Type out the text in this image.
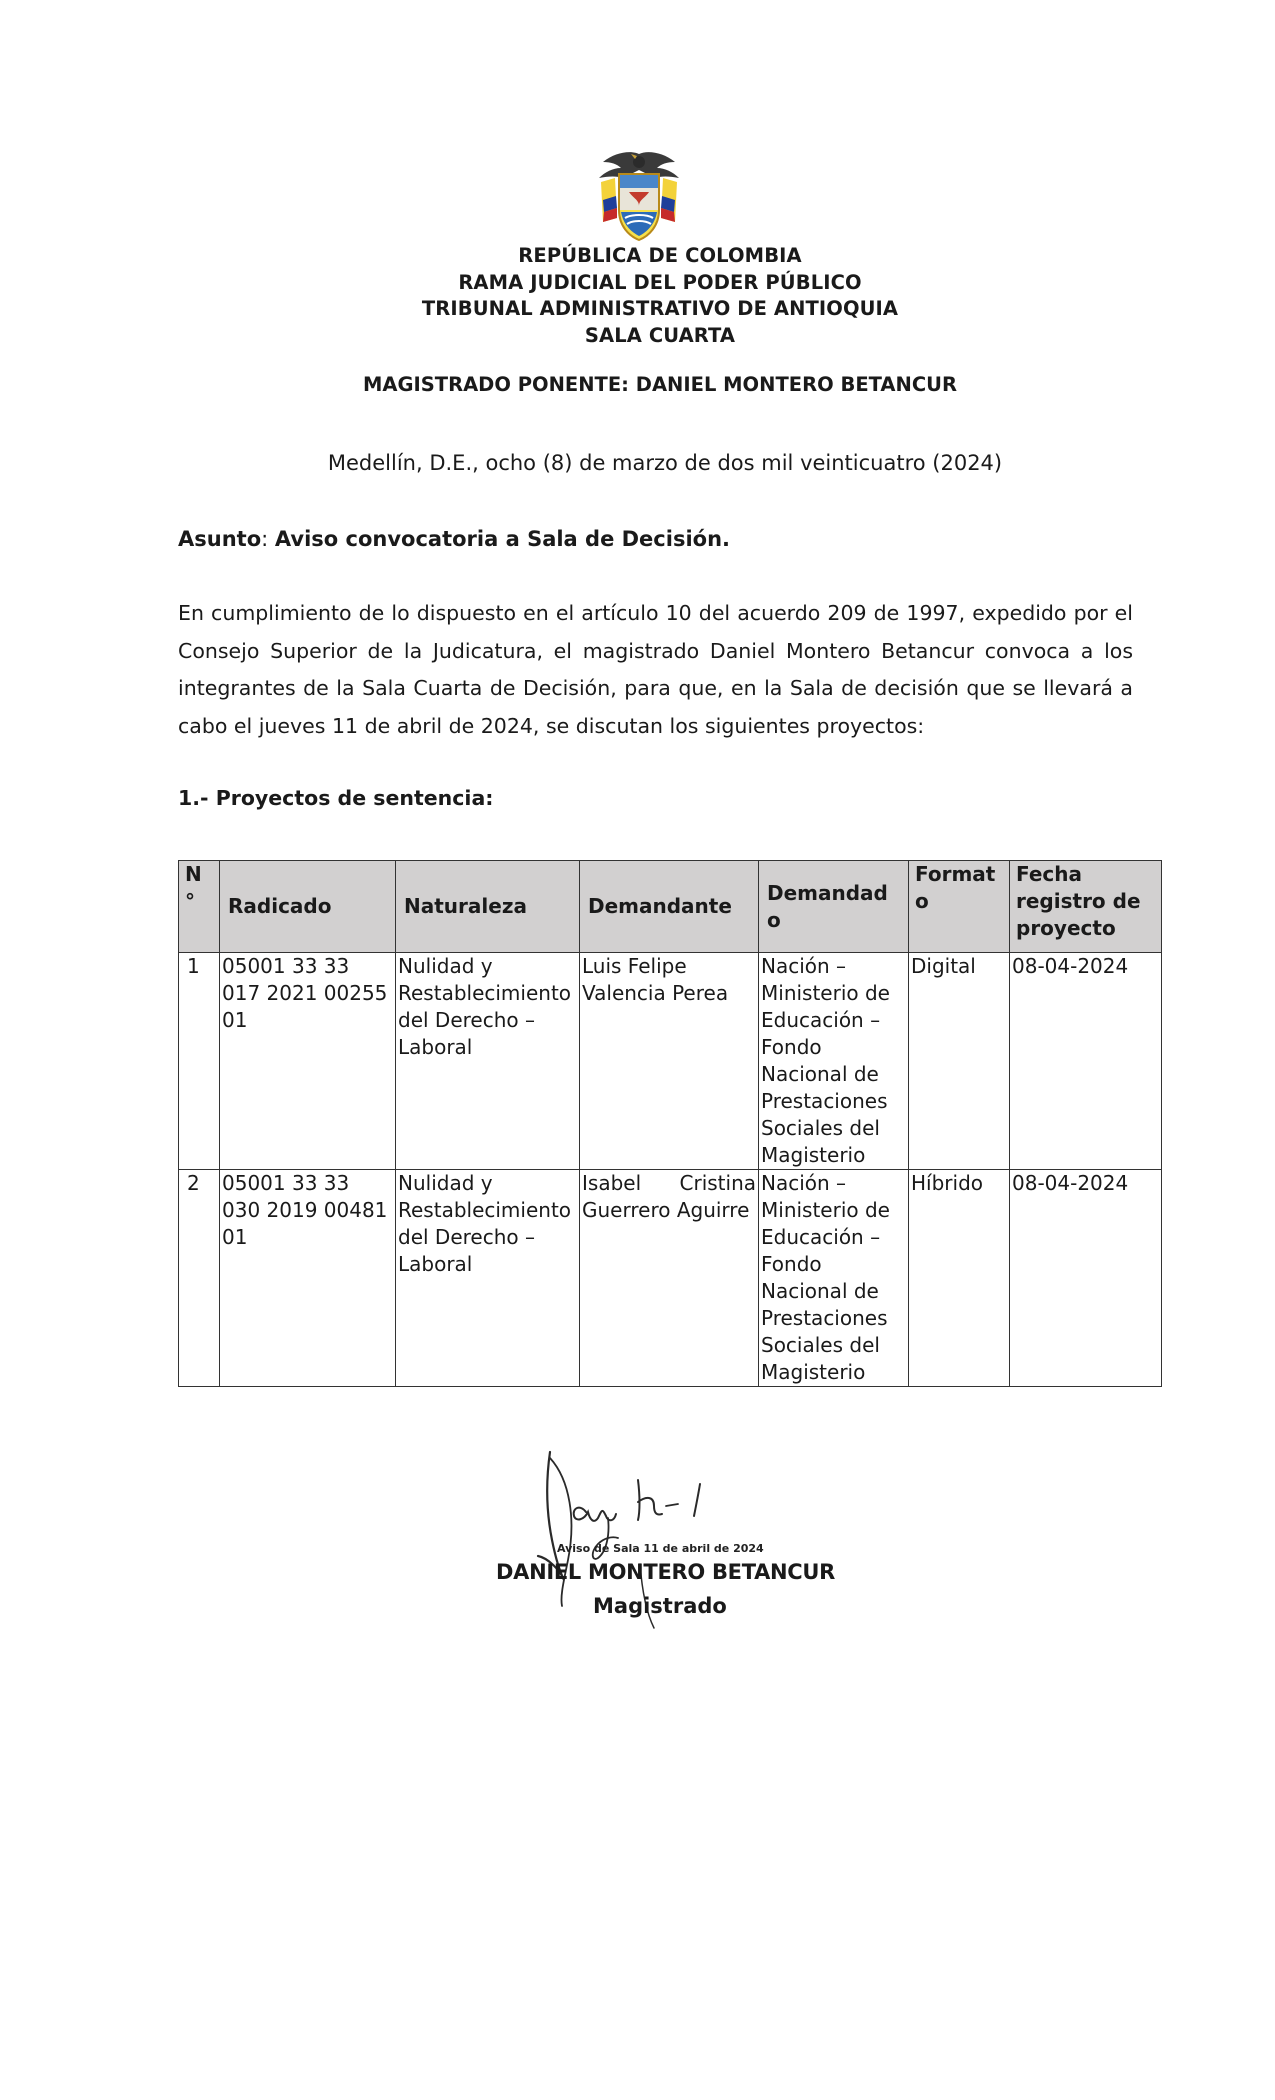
REPÚBLICA DE COLOMBIA
RAMA JUDICIAL DEL PODER PÚBLICO
TRIBUNAL ADMINISTRATIVO DE ANTIOQUIA
SALA CUARTA
MAGISTRADO PONENTE: DANIEL MONTERO BETANCUR
Medellín, D.E., ocho (8) de marzo de dos mil veinticuatro (2024)
Asunto: Aviso convocatoria a Sala de Decisión.
En cumplimiento de lo dispuesto en el artículo 10 del acuerdo 209 de 1997, expedido por el Consejo Superior de la Judicatura, el magistrado Daniel Montero Betancur convoca a los integrantes de la Sala Cuarta de Decisión, para que, en la Sala de decisión que se llevará a cabo el jueves 11 de abril de 2024, se discutan los siguientes proyectos:
1.- Proyectos de sentencia:
N°	Radicado	Naturaleza	Demandante	Demandado	Formato	Fecha registro de proyecto

1	05001 33 33 017 2021 00255 01	Nulidad y Restablecimiento del Derecho – Laboral	Luis Felipe Valencia Perea	Nación – Ministerio de Educación – Fondo Nacional de Prestaciones Sociales del Magisterio	Digital	08-04-2024
2	05001 33 33 030 2019 00481 01	Nulidad y Restablecimiento del Derecho – Laboral	Isabel Cristina Guerrero Aguirre	Nación – Ministerio de Educación – Fondo Nacional de Prestaciones Sociales del Magisterio	Híbrido	08-04-2024
Aviso de Sala 11 de abril de 2024
DANIEL MONTERO BETANCUR
Magistrado
